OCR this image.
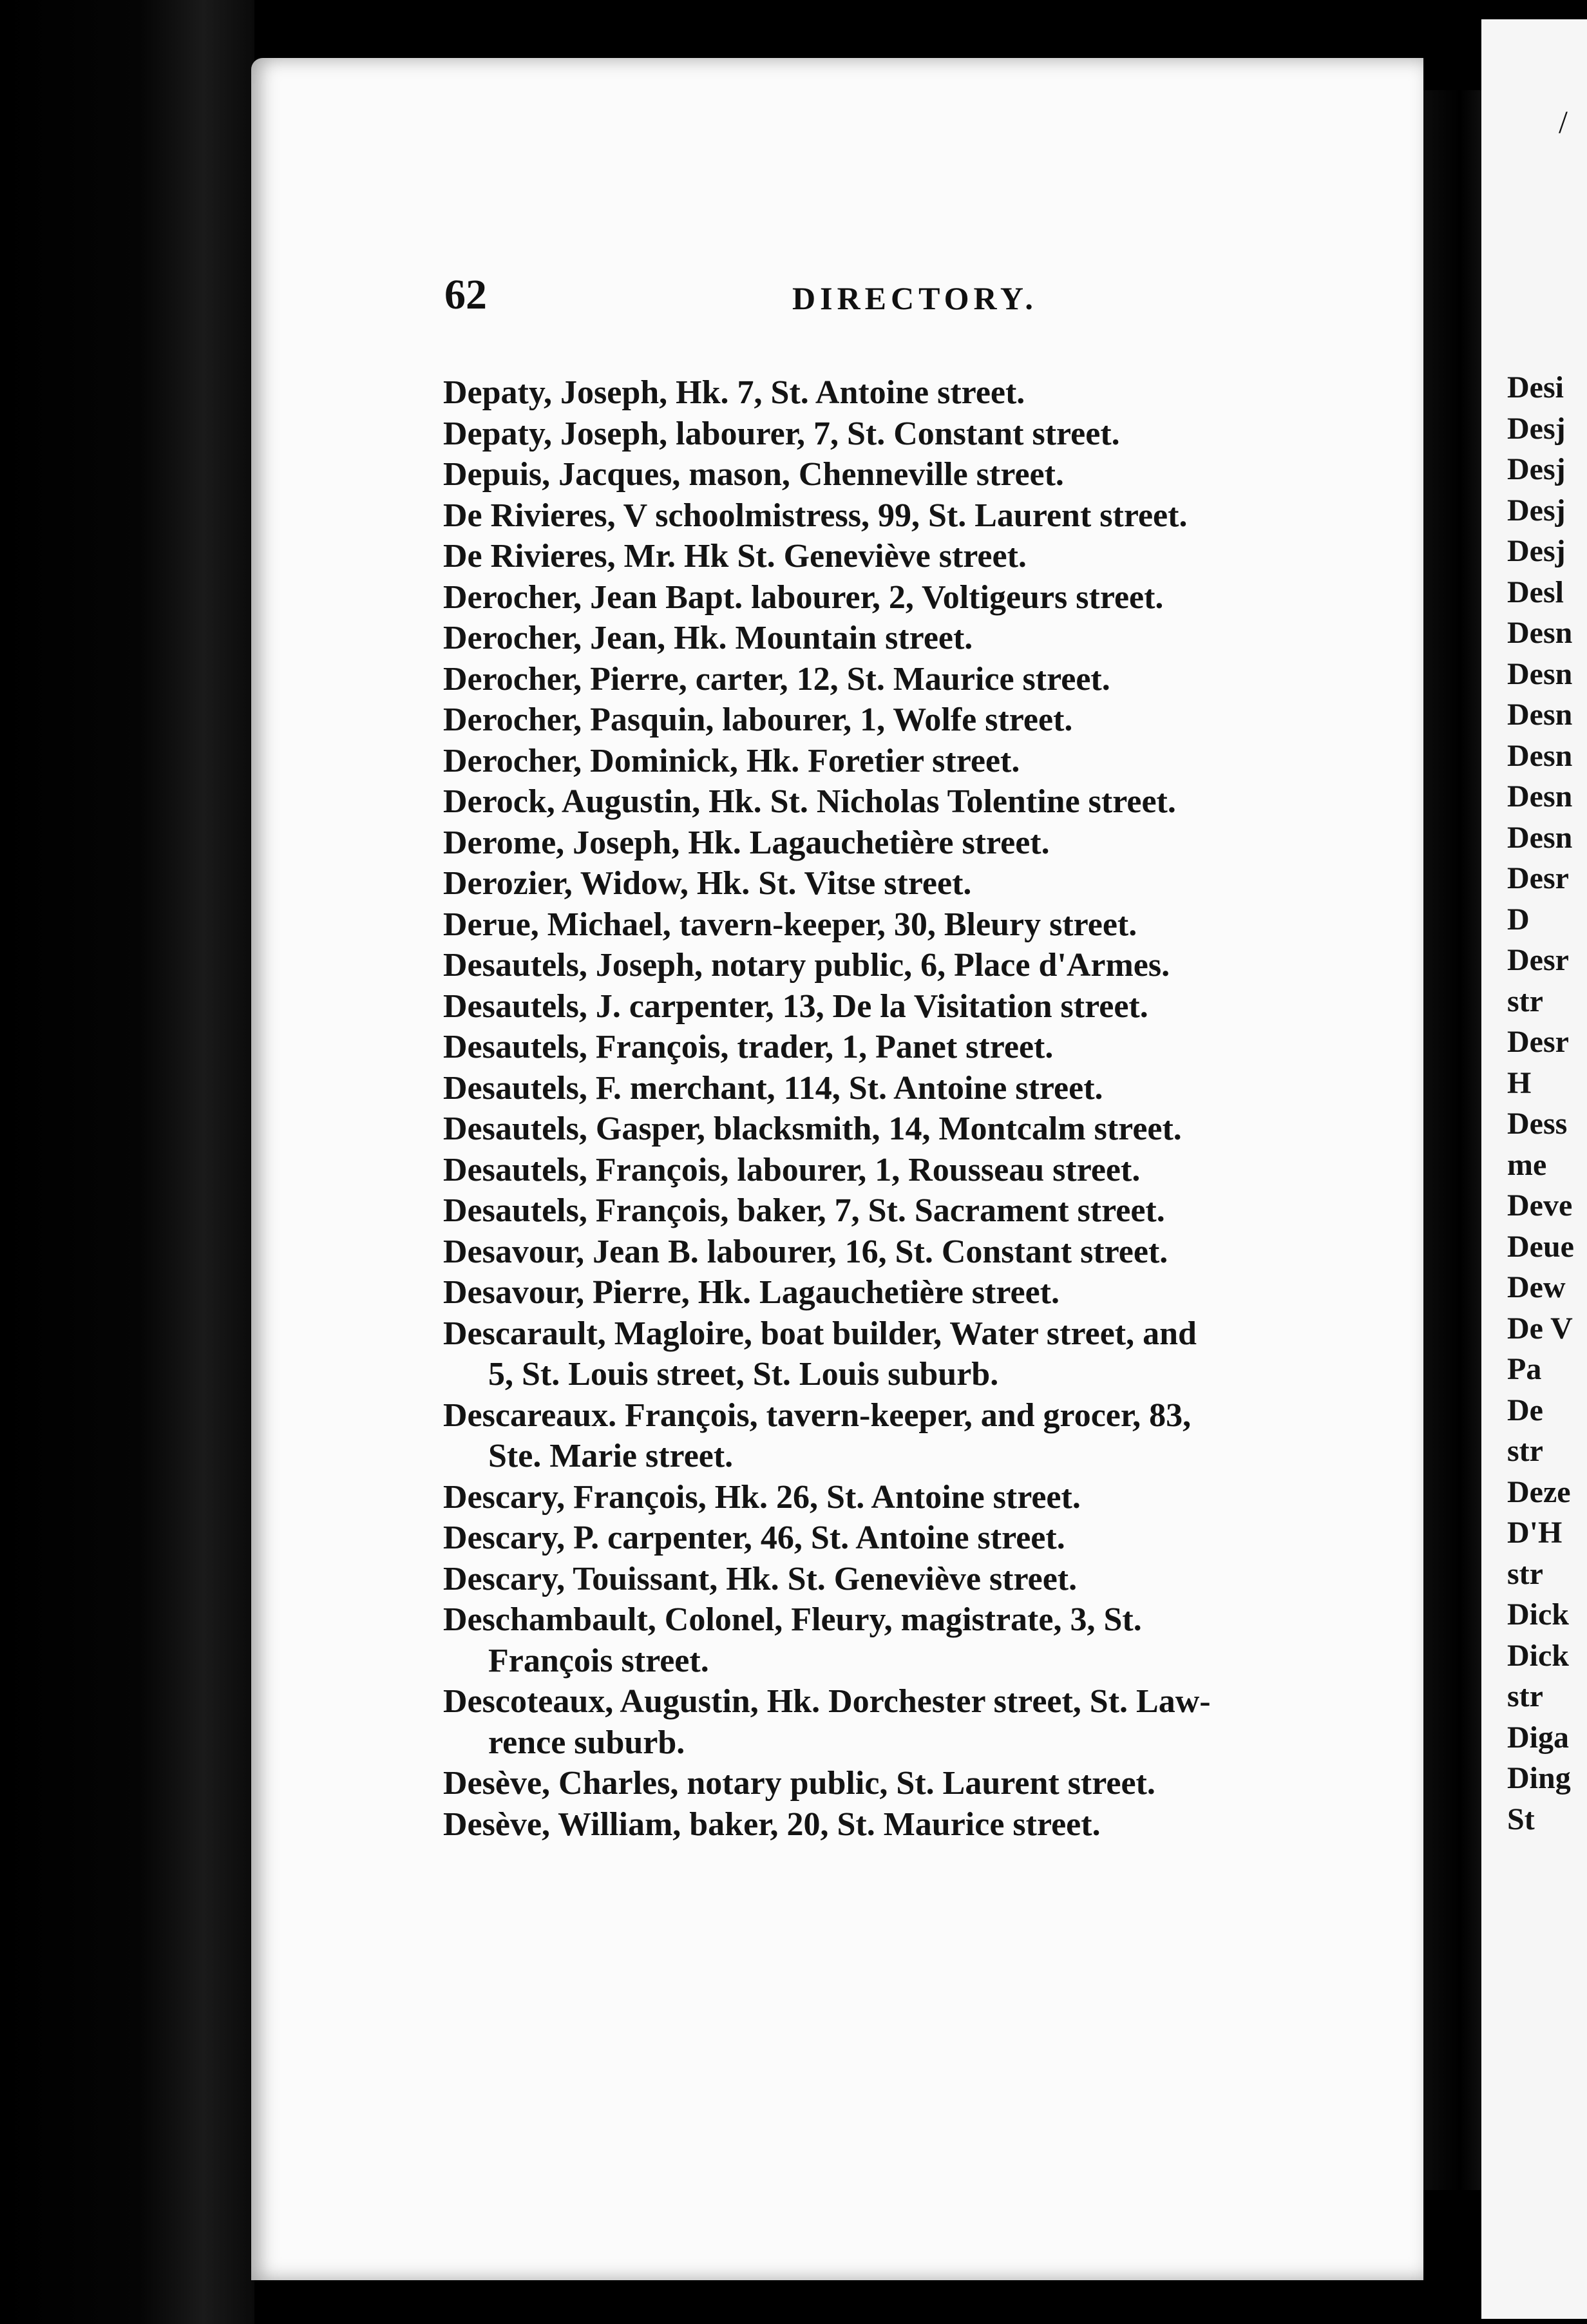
/
62	DIRECTORY.
Depaty, Joseph, Hk. 7, St. Antoine street.
Depaty, Joseph, labourer, 7, St. Constant street.
Depuis, Jacques, mason, Chenneville street.
De Rivieres, V schoolmistress, 99, St. Laurent street.
De Rivieres, Mr. Hk St. Geneviève street.
Derocher, Jean Bapt. labourer, 2, Voltigeurs street.
Derocher, Jean, Hk. Mountain street.
Derocher, Pierre, carter, 12, St. Maurice street.
Derocher, Pasquin, labourer, 1, Wolfe street.
Derocher, Dominick, Hk. Foretier street.
Derock, Augustin, Hk. St. Nicholas Tolentine street.
Derome, Joseph, Hk. Lagauchetière street.
Derozier, Widow, Hk. St. Vitse street.
Derue, Michael, tavern-keeper, 30, Bleury street.
Desautels, Joseph, notary public, 6, Place d'Armes.
Desautels, J. carpenter, 13, De la Visitation street.
Desautels, François, trader, 1, Panet street.
Desautels, F. merchant, 114, St. Antoine street.
Desautels, Gasper, blacksmith, 14, Montcalm street.
Desautels, François, labourer, 1, Rousseau street.
Desautels, François, baker, 7, St. Sacrament street.
Desavour, Jean B. labourer, 16, St. Constant street.
Desavour, Pierre, Hk. Lagauchetière street.
Descarault, Magloire, boat builder, Water street, and

5, St. Louis street, St. Louis suburb.
Descareaux. François, tavern-keeper, and grocer, 83,

Ste. Marie street.
Descary, François, Hk. 26, St. Antoine street.
Descary, P. carpenter, 46, St. Antoine street.
Descary, Touissant, Hk. St. Geneviève street.
Deschambault, Colonel, Fleury, magistrate, 3, St.

François street.
Descoteaux, Augustin, Hk. Dorchester street, St. Law-

rence suburb.
Desève, Charles, notary public, St. Laurent street.
Desève, William, baker, 20, St. Maurice street.
Desi
Desj
Desj
Desj
Desj
Desl
Desn
Desn
Desn
Desn
Desn
Desn
Desr
D
Desr
str
Desr
H
Dess
me
Deve
Deue
Dew
De V
Pa
De
str
Deze
D'H
str
Dick
Dick
str
Diga
Ding
St
